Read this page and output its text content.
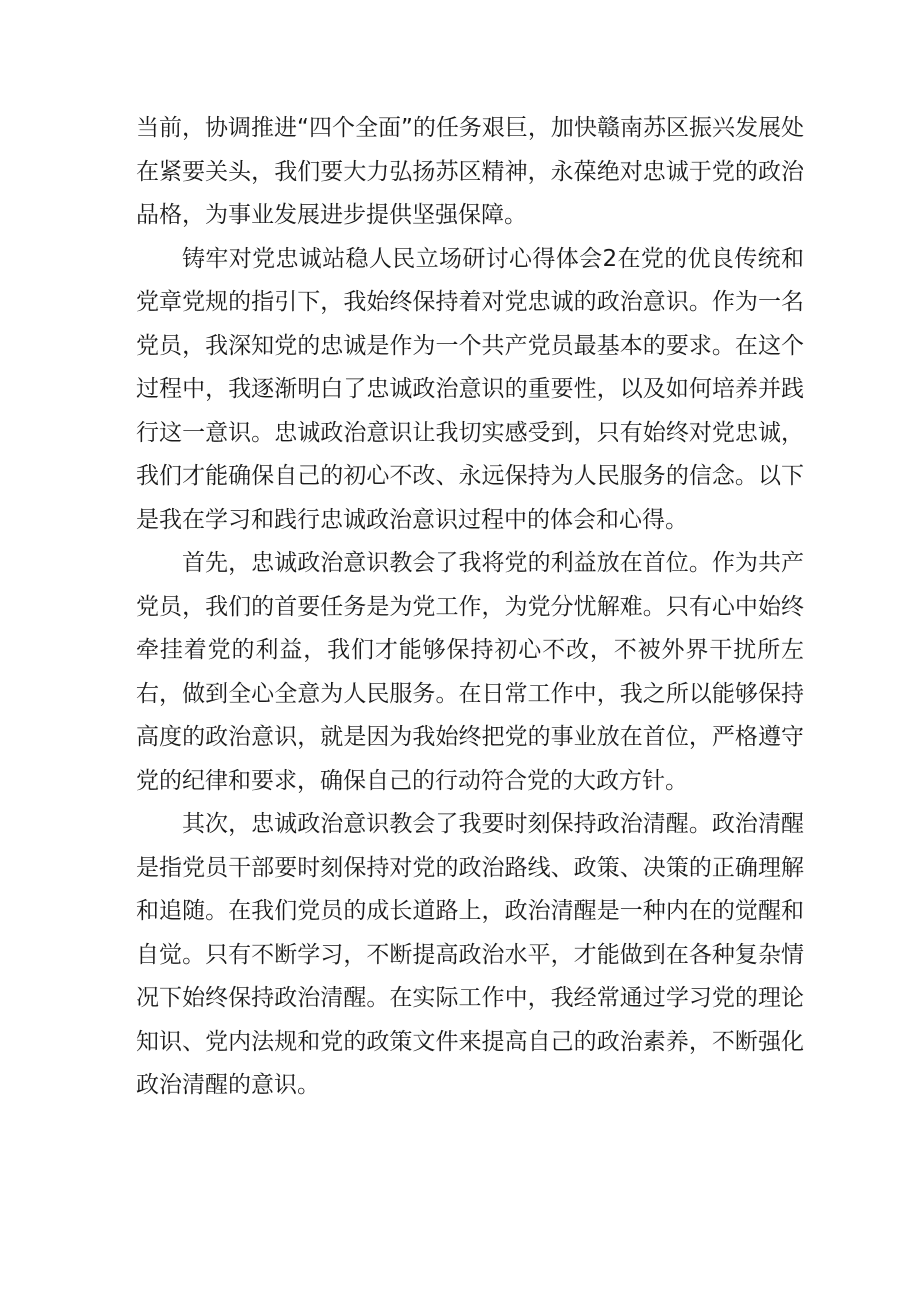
当前，协调推进“四个全面”的任务艰巨，加快赣南苏区振兴发展处在紧要关头，我们要大力弘扬苏区精神，永葆绝对忠诚于党的政治品格，为事业发展进步提供坚强保障。

铸牢对党忠诚站稳人民立场研讨心得体会2在党的优良传统和党章党规的指引下，我始终保持着对党忠诚的政治意识。作为一名党员，我深知党的忠诚是作为一个共产党员最基本的要求。在这个过程中，我逐渐明白了忠诚政治意识的重要性，以及如何培养并践行这一意识。忠诚政治意识让我切实感受到，只有始终对党忠诚，我们才能确保自己的初心不改、永远保持为人民服务的信念。以下是我在学习和践行忠诚政治意识过程中的体会和心得。

首先，忠诚政治意识教会了我将党的利益放在首位。作为共产党员，我们的首要任务是为党工作，为党分忧解难。只有心中始终牵挂着党的利益，我们才能够保持初心不改，不被外界干扰所左右，做到全心全意为人民服务。在日常工作中，我之所以能够保持高度的政治意识，就是因为我始终把党的事业放在首位，严格遵守党的纪律和要求，确保自己的行动符合党的大政方针。

其次，忠诚政治意识教会了我要时刻保持政治清醒。政治清醒是指党员干部要时刻保持对党的政治路线、政策、决策的正确理解和追随。在我们党员的成长道路上，政治清醒是一种内在的觉醒和自觉。只有不断学习，不断提高政治水平，才能做到在各种复杂情况下始终保持政治清醒。在实际工作中，我经常通过学习党的理论知识、党内法规和党的政策文件来提高自己的政治素养，不断强化政治清醒的意识。
